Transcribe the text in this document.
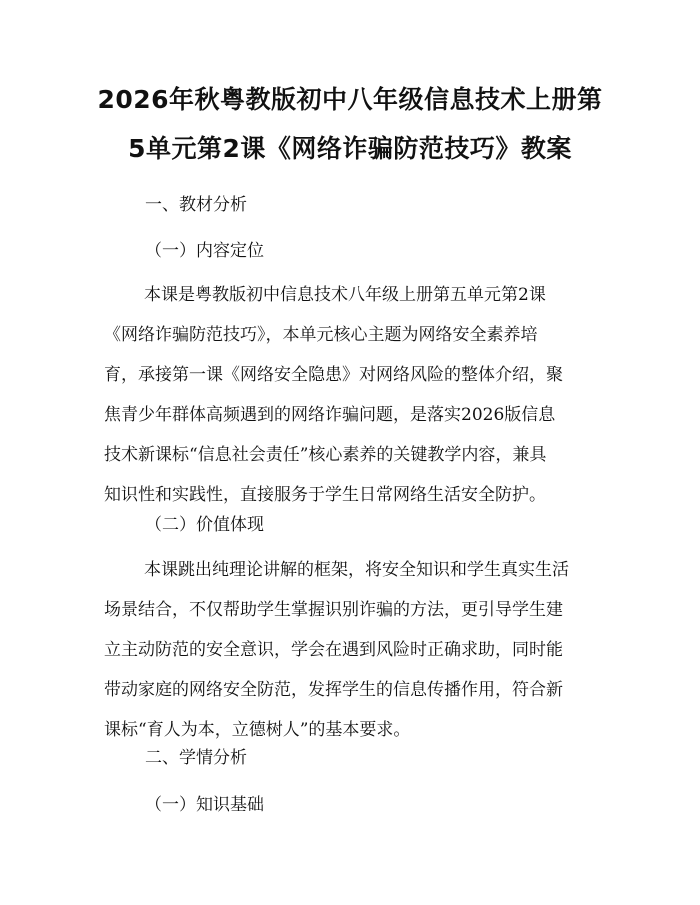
2026年秋粤教版初中八年级信息技术上册第
5单元第2课《网络诈骗防范技巧》教案
一、教材分析
（一）内容定位
本课是粤教版初中信息技术八年级上册第五单元第2课
《网络诈骗防范技巧》，本单元核心主题为网络安全素养培
育，承接第一课《网络安全隐患》对网络风险的整体介绍，聚
焦青少年群体高频遇到的网络诈骗问题，是落实2026版信息
技术新课标“信息社会责任”核心素养的关键教学内容，兼具
知识性和实践性，直接服务于学生日常网络生活安全防护。
（二）价值体现
本课跳出纯理论讲解的框架，将安全知识和学生真实生活
场景结合，不仅帮助学生掌握识别诈骗的方法，更引导学生建
立主动防范的安全意识，学会在遇到风险时正确求助，同时能
带动家庭的网络安全防范，发挥学生的信息传播作用，符合新
课标“育人为本，立德树人”的基本要求。
二、学情分析
（一）知识基础
